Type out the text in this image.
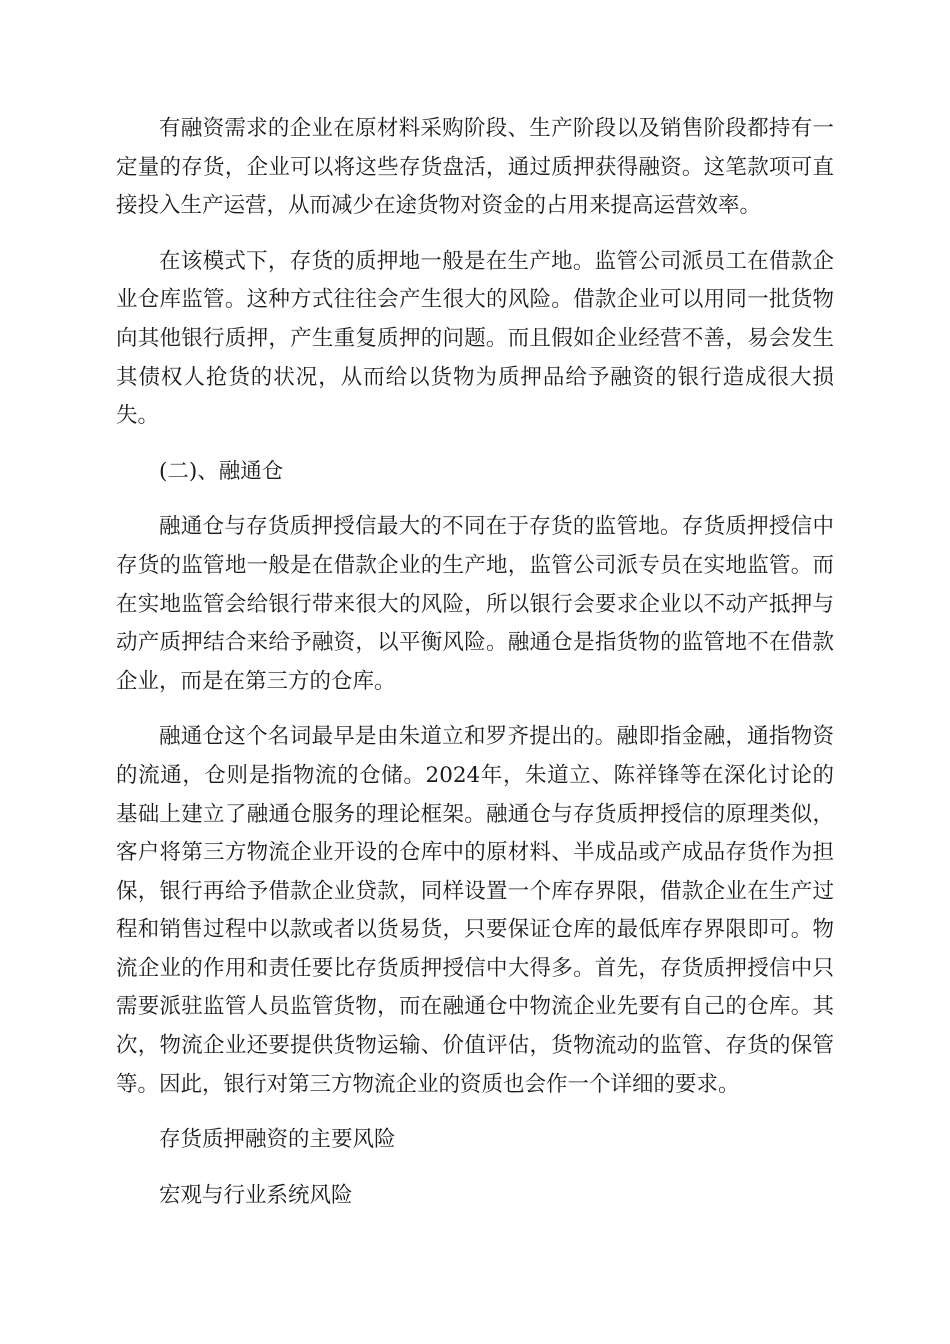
有融资需求的企业在原材料采购阶段、生产阶段以及销售阶段都持有一定量的存货，企业可以将这些存货盘活，通过质押获得融资。这笔款项可直接投入生产运营，从而减少在途货物对资金的占用来提高运营效率。

在该模式下，存货的质押地一般是在生产地。监管公司派员工在借款企业仓库监管。这种方式往往会产生很大的风险。借款企业可以用同一批货物向其他银行质押，产生重复质押的问题。而且假如企业经营不善，易会发生其债权人抢货的状况，从而给以货物为质押品给予融资的银行造成很大损失。

(二)、融通仓

融通仓与存货质押授信最大的不同在于存货的监管地。存货质押授信中存货的监管地一般是在借款企业的生产地，监管公司派专员在实地监管。而在实地监管会给银行带来很大的风险，所以银行会要求企业以不动产抵押与动产质押结合来给予融资，以平衡风险。融通仓是指货物的监管地不在借款企业，而是在第三方的仓库。

融通仓这个名词最早是由朱道立和罗齐提出的。融即指金融，通指物资的流通，仓则是指物流的仓储。2024年，朱道立、陈祥锋等在深化讨论的基础上建立了融通仓服务的理论框架。融通仓与存货质押授信的原理类似，客户将第三方物流企业开设的仓库中的原材料、半成品或产成品存货作为担保，银行再给予借款企业贷款，同样设置一个库存界限，借款企业在生产过程和销售过程中以款或者以货易货，只要保证仓库的最低库存界限即可。物流企业的作用和责任要比存货质押授信中大得多。首先，存货质押授信中只需要派驻监管人员监管货物，而在融通仓中物流企业先要有自己的仓库。其次，物流企业还要提供货物运输、价值评估，货物流动的监管、存货的保管等。因此，银行对第三方物流企业的资质也会作一个详细的要求。

存货质押融资的主要风险

宏观与行业系统风险
